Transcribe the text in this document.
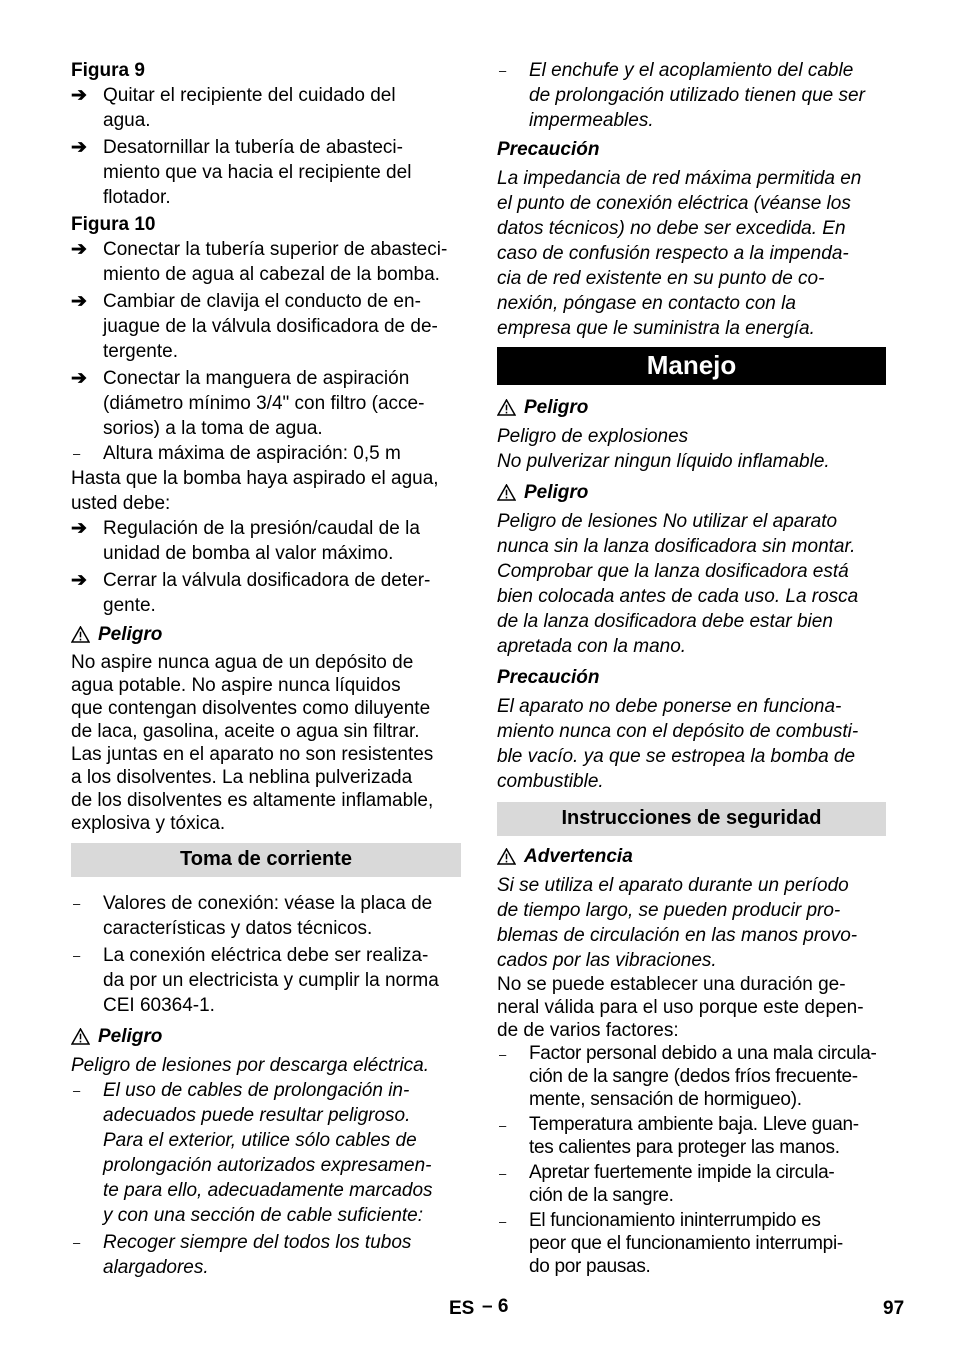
Figura 9
➔ Quitar el recipiente del cuidado del
agua.
➔ Desatornillar la tubería de abasteci-
miento que va hacia el recipiente del
flotador.
Figura 10
➔ Conectar la tubería superior de abasteci-
miento de agua al cabezal de la bomba.
➔ Cambiar de clavija el conducto de en-
juague de la válvula dosificadora de de-
tergente.
➔ Conectar la manguera de aspiración
(diámetro mínimo 3/4" con filtro (acce-
sorios) a la toma de agua.
– Altura máxima de aspiración: 0,5 m
Hasta que la bomba haya aspirado el agua,
usted debe:
➔ Regulación de la presión/caudal de la
unidad de bomba al valor máximo.
➔ Cerrar la válvula dosificadora de deter-
gente.
Peligro
No aspire nunca agua de un depósito de
agua potable. No aspire nunca líquidos
que contengan disolventes como diluyente
de laca, gasolina, aceite o agua sin filtrar.
Las juntas en el aparato no son resistentes
a los disolventes. La neblina pulverizada
de los disolventes es altamente inflamable,
explosiva y tóxica.
Toma de corriente
– Valores de conexión: véase la placa de
características y datos técnicos.
– La conexión eléctrica debe ser realiza-
da por un electricista y cumplir la norma
CEI 60364-1.
Peligro
Peligro de lesiones por descarga eléctrica.
– El uso de cables de prolongación in-
adecuados puede resultar peligroso.
Para el exterior, utilice sólo cables de
prolongación autorizados expresamen-
te para ello, adecuadamente marcados
y con una sección de cable suficiente:
– Recoger siempre del todos los tubos
alargadores.
– El enchufe y el acoplamiento del cable
de prolongación utilizado tienen que ser
impermeables.
Precaución
La impedancia de red máxima permitida en
el punto de conexión eléctrica (véanse los
datos técnicos) no debe ser excedida. En
caso de confusión respecto a la impenda-
cia de red existente en su punto de co-
nexión, póngase en contacto con la
empresa que le suministra la energía.
Manejo
Peligro
Peligro de explosiones
No pulverizar ningun líquido inflamable.
Peligro
Peligro de lesiones No utilizar el aparato
nunca sin la lanza dosificadora sin montar.
Comprobar que la lanza dosificadora está
bien colocada antes de cada uso. La rosca
de la lanza dosificadora debe estar bien
apretada con la mano.
Precaución
El aparato no debe ponerse en funciona-
miento nunca con el depósito de combusti-
ble vacío. ya que se estropea la bomba de
combustible.
Instrucciones de seguridad
Advertencia
Si se utiliza el aparato durante un período
de tiempo largo, se pueden producir pro-
blemas de circulación en las manos provo-
cados por las vibraciones.
No se puede establecer una duración ge-
neral válida para el uso porque este depen-
de de varios factores:
– Factor personal debido a una mala circula-
ción de la sangre (dedos fríos frecuente-
mente, sensación de hormigueo).
– Temperatura ambiente baja. Lleve guan-
tes calientes para proteger las manos.
– Apretar fuertemente impide la circula-
ción de la sangre.
– El funcionamiento ininterrumpido es
peor que el funcionamiento interrumpi-
do por pausas.
ES – 6	97
